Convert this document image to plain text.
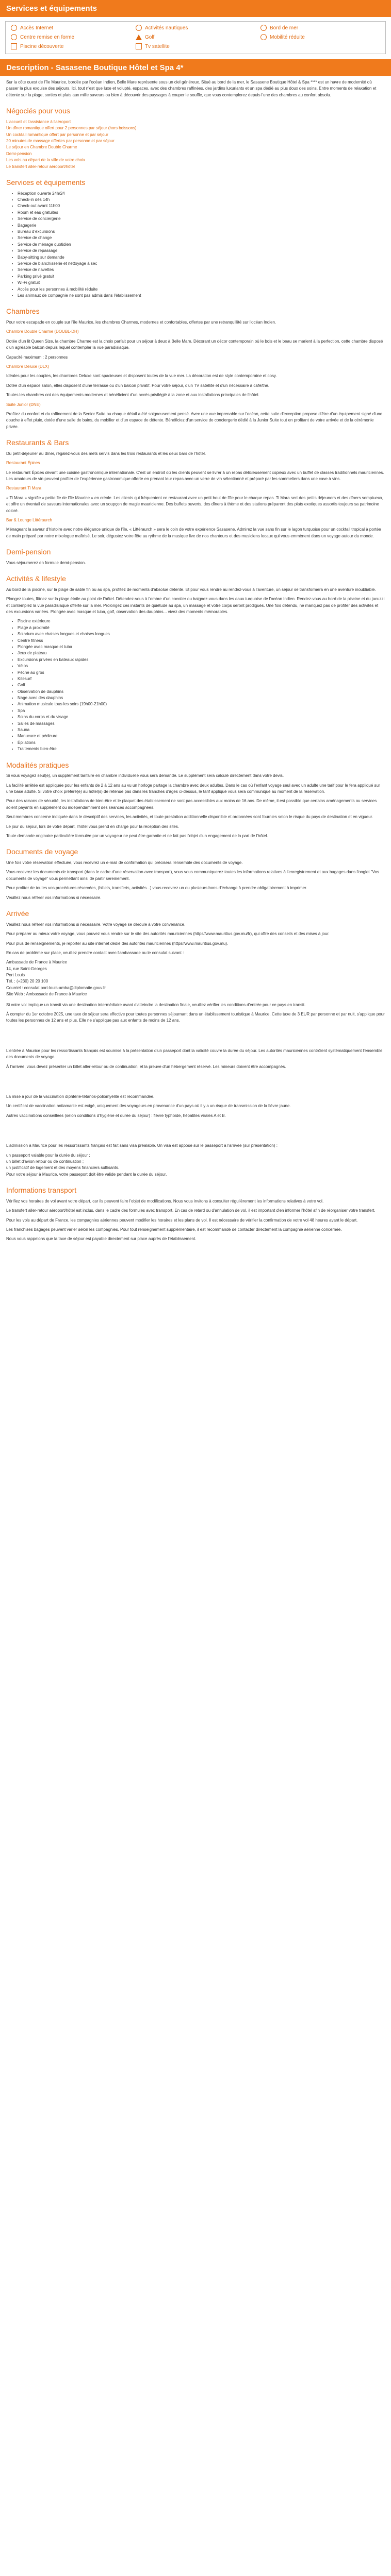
Services et équipements
Accès Internet	Activités nautiques	Bord de mer
Centre remise en forme	Golf	Mobilité réduite
Piscine découverte	Tv satellite
Description - Sasasene Boutique Hôtel et Spa 4*

Sur la côte ouest de l'île Maurice, bordée par l'océan Indien, Belle Mare représente sous un ciel généreux. Situé au bord de la mer, le Sasasene Boutique Hôtel & Spa **** est un havre de modernité où passer la plus exquise des séjours. Ici, tout n'est que luxe et volupté, espaces, avec des chambres raffinées, des jardins luxuriants et un spa dédié au plus doux des soins. Entre moments de relaxation et détente sur la plage, sorties et plats aux mille saveurs ou bien à découvrir des paysages à couper le souffle, que vous contemplerez depuis l'une des chambres au confort absolu.

Négociés pour vous
L'accueil et l'assistance à l'aéroport
Un dîner romantique offert pour 2 personnes par séjour (hors boissons)
Un cocktail romantique offert par personne et par séjour
20 minutes de massage offertes par personne et par séjour
Le séjour en Chambre Double Charme
Demi-pension
Les vols au départ de la ville de votre choix
Le transfert aller-retour aéroport/hôtel
Services et équipements
• Réception ouverte 24h/24
• Check-in dès 14h
• Check-out avant 11h00
• Room et eau gratuites
• Service de conciergerie
• Bagagerie
• Bureau d'excursions
• Service de change
• Service de ménage quotidien
• Service de repassage
• Baby-sitting sur demande
• Service de blanchisserie et nettoyage à sec
• Service de navettes
• Parking privé gratuit
• Wi-Fi gratuit
• Accès pour les personnes à mobilité réduite
• Les animaux de compagnie ne sont pas admis dans l'établissement
Chambres

Pour votre escapade en couple sur l'île Maurice, les chambres Charmes, modernes et confortables, offertes par une retranquillité sur l'océan Indien.

Chambre Double Charme (DOUBL-DH)

Dotée d'un lit Queen Size, la chambre Charme est la choix parfait pour un séjour à deux à Belle Mare. Décorant un décor contemporain où le bois et le beau se marient à la perfection, cette chambre disposé d'un agréable balcon depuis lequel contempler la vue paradisiaque.

Capacité maximum : 2 personnes

Chambre Deluxe (DLX)

Idéales pour les couples, les chambres Deluxe sont spacieuses et disposent toutes de la vue mer. La décoration est de style contemporaine et cosy.

Dotée d'un espace salon, elles disposent d'une terrasse ou d'un balcon privatif. Pour votre séjour, d'un TV satellite et d'un nécessaire à café/thé.

Toutes les chambres ont des équipements modernes et bénéficient d'un accès privilégié à la zone et aux installations principales de l'hôtel.

Suite Junior (DNE)

Profitez du confort et du raffinement de la Senior Suite ou chaque détail a été soigneusement pensé. Avec une vue imprenable sur l'océan, cette suite d'exception propose d'être d'un équipement signé d'une douche à effet pluie, dotée d'une salle de bains, du mobilier et d'un espace de détente. Bénéficiez d'un service de conciergerie dédié à la Junior Suite tout en profitant de votre arrivée et de la cérémonie privée.

Restaurants & Bars

Du petit-déjeuner au dîner, régalez-vous des mets servis dans les trois restaurants et les deux bars de l'hôtel.

Restaurant Épices

Le restaurant Épices devant une cuisine gastronomique internationale. C'est un endroit où les clients peuvent se livrer à un repas délicieusement copieux avec un buffet de classes traditionnels mauriciennes. Les amateurs de vin peuvent profiter de l'expérience gastronomique offerte en prenant leur repas avec un verre de vin sélectionné et préparé par les sommeliers dans une cave à vins.

Restaurant Ti Mara

« Ti Mara » signifie « petite île de l'île Maurice » en créole. Les clients qui fréquentent ce restaurant avec un petit bout de l'île pour le chaque repas. Ti Mara sert des petits déjeuners et des dîners somptueux, et offre un éventail de saveurs internationales avec un soupçon de magie mauricienne. Des buffets ouverts, des dîners à thème et des stations préparent des plats exotiques assortis toujours sa patrimoine coloré.

Bar & Lounge Littéraurch

Ménageant la saveur d'histoire avec notre élégance unique de l'île, « Littéraurch » sera le coin de votre expérience Sasasene. Admirez la vue sans fin sur le lagon turquoise pour un cocktail tropical à portée de main préparé par notre mixologue maîtrisé. Le soir, dégustez votre fête au rythme de la musique live de nos chanteurs et des musiciens locaux qui vous emmènent dans un voyage autour du monde.

Demi-pension

Vous séjournerez en formule demi-pension.

Activités & lifestyle

Au bord de la piscine, sur la plage de sable fin ou au spa, profitez de moments d'absolue détente. Et pour vous rendre au rendez-vous à l'aventure, un séjour se transformera en une aventure inoubliable.

Plongez toutes, flânez sur la plage étoile au point de l'hôtel. Détendez-vous à l'ombre d'un cocotier ou baignez-vous dans les eaux turquoise de l'océan Indien. Rendez-vous au bord de la piscine et du jacuzzi et contemplez la vue paradisiaque offerte sur la mer. Prolongez ces instants de quiétude au spa, un massage et votre corps seront prodigués. Une fois détendu, ne manquez pas de profiter des activités et des excursions variées. Plongée avec masque et tuba, golf, observation des dauphins... vivez des moments mémorables.

• Piscine extérieure
• Plage à proximité
• Solarium avec chaises longues et chaises longues
• Centre fitness
• Plongée avec masque et tuba
• Jeux de plateau
• Excursions privées en bateaux rapides
• Vélos
• Pêche au gros
• Kitesurf
• Golf
• Observation de dauphins
• Nage avec des dauphins
• Animation musicale tous les soirs (19h00-21h00)
• Spa
• Soins du corps et du visage
• Salles de massages
• Sauna
• Manucure et pédicure
• Épilations
• Traitements bien-être
Modalités pratiques

Si vous voyagez seul(e), un supplément tarifaire en chambre individuelle vous sera demandé. Le supplément sera calculé directement dans votre devis.

La facilité arrêtée est appliquée pour les enfants de 2 à 12 ans au vu un horloge partage la chambre avec deux adultes. Dans le cas où l'enfant voyage seul avec un adulte une tarif pour le fera appliqué sur une base adulte. Si votre choix préféré(e) au hôtel(s) de retenue pas dans les tranches d'âges ci-dessus, le tarif appliqué vous sera communiqué au moment de la réservation.

Pour des raisons de sécurité, les installations de bien-être et le plaquet des établissement ne sont pas accessibles aux moins de 16 ans. De même, il est possible que certains aménagements ou services soient payants en supplément ou indépendamment des séances accompagnées.

Seul membres concerne indiquée dans le descriptif des services, les activités, et toute prestation additionnelle disponible et ordonnées sont fournies selon le risque du pays de destination et en vigueur.

Le jour du séjour, lors de votre départ, l'hôtel vous prend en charge pour la réception des sites.

Toute demande originaire particulière formulée par un voyageur ne peut être garantie et ne fait pas l'objet d'un engagement de la part de l'hôtel.

Documents de voyage

Une fois votre réservation effectuée, vous recevrez un e-mail de confirmation qui précisera l'ensemble des documents de voyage.

Vous recevrez les documents de transport (dans le cadre d'une réservation avec transport), vous vous communiquerez toutes les informations relatives à l'enregistrement et aux bagages dans l'onglet "Vos documents de voyage" vous permettant ainsi de partir sereinement.

Pour profiter de toutes vos procédures réservées, (billets, transferts, activités...) vous recevrez un ou plusieurs bons d'échange à prendre obligatoirement à imprimer.

Veuillez nous référer vos informations si nécessaire.

Arrivée

Veuillez nous référer vos informations si nécessaire. Votre voyage se déroule à votre convenance.

Pour préparer au mieux votre voyage, vous pouvez vous rendre sur le site des autorités mauriciennes (https//www.mauritius.gov.mu/fr), qui offre des conseils et des mises à jour.

Pour plus de renseignements, je reporter au site internet dédié des autorités mauriciennes (https//www.mauritius.gov.mu).

En cas de problème sur place, veuillez prendre contact avec l'ambassade ou le consulat suivant :

Ambassade de France à Maurice
14, rue Saint-Georges
Port Louis
Tél. : (+230) 20 20 100
Courriel : consulat.port-louis-amba@diplomatie.gouv.fr
Site Web : Ambassade de France à Maurice

Si votre vol implique un transit via une destination intermédiaire avant d'atteindre la destination finale, veuillez vérifier les conditions d'entrée pour ce pays en transit.

À compter du 1er octobre 2025, une taxe de séjour sera effective pour toutes personnes séjournant dans un établissement touristique à Maurice. Cette taxe de 3 EUR par personne et par nuit, s'applique pour toutes les personnes de 12 ans et plus. Elle ne s'applique pas aux enfants de moins de 12 ans.

L'entrée à Maurice pour les ressortissants français est soumise à la présentation d'un passeport dont la validité couvre la durée du séjour. Les autorités mauriciennes contrôlent systématiquement l'ensemble des documents de voyage.

À l'arrivée, vous devez présenter un billet aller-retour ou de continuation, et la preuve d'un hébergement réservé. Les mineurs doivent être accompagnés.

La mise à jour de la vaccination diphtérie-tétanos-poliomyélite est recommandée.

Un certificat de vaccination antiamarile est exigé, uniquement des voyageurs en provenance d'un pays où il y a un risque de transmission de la fièvre jaune.

Autres vaccinations conseillées (selon conditions d'hygiène et durée du séjour) : fièvre typhoïde, hépatites virales A et B.

L'admission à Maurice pour les ressortissants français est fait sans visa préalable. Un visa est apposé sur le passeport à l'arrivée (sur présentation) :

un passeport valable pour la durée du séjour ;
un billet d'avion retour ou de continuation ;
un justificatif de logement et des moyens financiers suffisants.

Pour votre séjour à Maurice, votre passeport doit être valide pendant la durée du séjour.

Informations transport

Vérifiez vos horaires de vol avant votre départ, car ils peuvent faire l'objet de modifications. Nous vous invitons à consulter régulièrement les informations relatives à votre vol.

Le transfert aller-retour aéroport/hôtel est inclus, dans le cadre des formules avec transport. En cas de retard ou d'annulation de vol, il est important d'en informer l'hôtel afin de réorganiser votre transfert.

Pour les vols au départ de France, les compagnies aériennes peuvent modifier les horaires et les plans de vol. Il est nécessaire de vérifier la confirmation de votre vol 48 heures avant le départ.

Les franchises bagages peuvent varier selon les compagnies. Pour tout renseignement supplémentaire, il est recommandé de contacter directement la compagnie aérienne concernée.

Nous vous rappelons que la taxe de séjour est payable directement sur place auprès de l'établissement.
